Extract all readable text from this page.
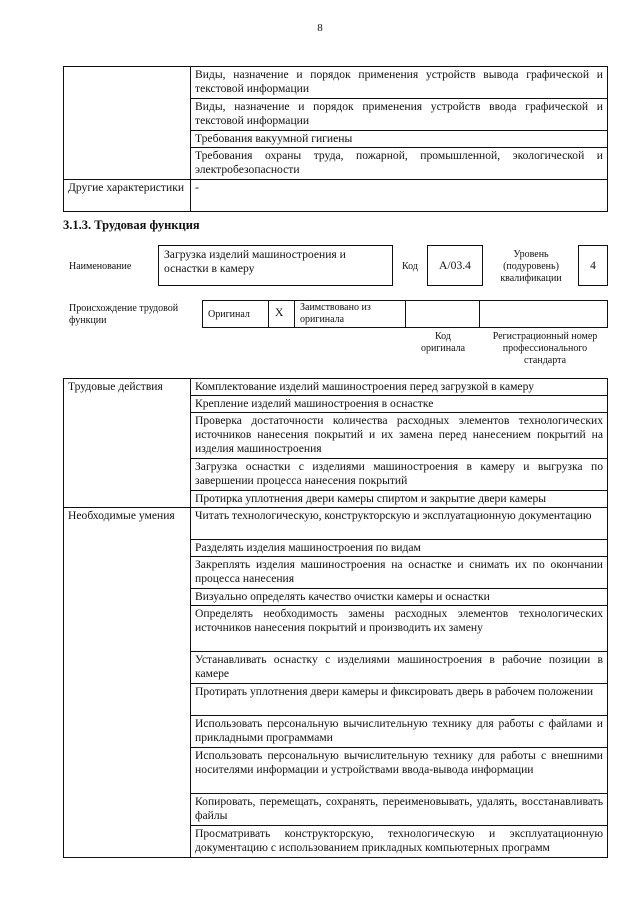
8
	Виды, назначение и порядок применения устройств вывода графической и текстовой информации
	Виды, назначение и порядок применения устройств ввода графической и текстовой информации
	Требования вакуумной гигиены
	Требования охраны труда, пожарной, промышленной, экологической и электробезопасности
Другие характеристики	-
3.1.3. Трудовая функция
Наименование
Загрузка изделий машиностроения и оснастки в камеру	Код	A/03.4
Уровень (подуровень) квалификации
4
Происхождение трудовой функции
Оригинал X Заимствовано из оригинала
Код оригинала
Регистрационный номер профессионального стандарта
Трудовые действия	Комплектование изделий машиностроения перед загрузкой в камеру
	Крепление изделий машиностроения в оснастке
	Проверка достаточности количества расходных элементов технологических источников нанесения покрытий и их замена перед нанесением покрытий на изделия машиностроения
	Загрузка оснастки с изделиями машиностроения в камеру и выгрузка по завершении процесса нанесения покрытий
	Протирка уплотнения двери камеры спиртом и закрытие двери камеры
Необходимые умения	Читать технологическую, конструкторскую и эксплуатационную документацию
	Разделять изделия машиностроения по видам
	Закреплять изделия машиностроения на оснастке и снимать их по окончании процесса нанесения
	Визуально определять качество очистки камеры и оснастки
	Определять необходимость замены расходных элементов технологических источников нанесения покрытий и производить их замену
	Устанавливать оснастку с изделиями машиностроения в рабочие позиции в камере
	Протирать уплотнения двери камеры и фиксировать дверь в рабочем положении
	Использовать персональную вычислительную технику для работы с файлами и прикладными программами
	Использовать персональную вычислительную технику для работы с внешними носителями информации и устройствами ввода-вывода информации
	Копировать, перемещать, сохранять, переименовывать, удалять, восстанавливать файлы
	Просматривать конструкторскую, технологическую и эксплуатационную документацию с использованием прикладных компьютерных программ
